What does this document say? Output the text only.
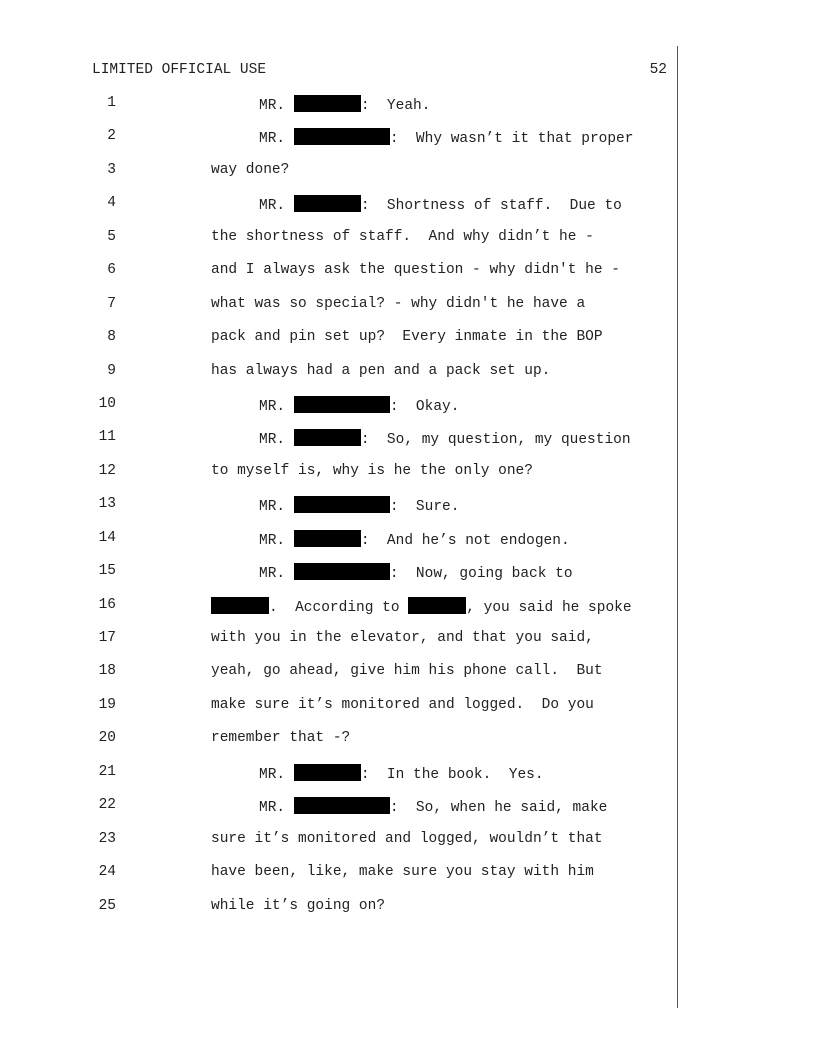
LIMITED OFFICIAL USE	52
1	MR.	:  Yeah.
2	MR.	:  Why wasn’t it that proper
3	way done?
4	MR.	:  Shortness of staff.  Due to
5	the shortness of staff.  And why didn’t he -
6	and I always ask the question - why didn't he -
7	what was so special? - why didn't he have a
8	pack and pin set up?  Every inmate in the BOP
9	has always had a pen and a pack set up.
10	MR.	:  Okay.
11	MR.	:  So, my question, my question
12	to myself is, why is he the only one?
13	MR.	:  Sure.
14	MR.	:  And he’s not endogen.
15	MR.	:  Now, going back to
16	.  According to	, you said he spoke
17	with you in the elevator, and that you said,
18	yeah, go ahead, give him his phone call.  But
19	make sure it’s monitored and logged.  Do you
20	remember that -?
21	MR.	:  In the book.  Yes.
22	MR.	:  So, when he said, make
23	sure it’s monitored and logged, wouldn’t that
24	have been, like, make sure you stay with him
25	while it’s going on?
